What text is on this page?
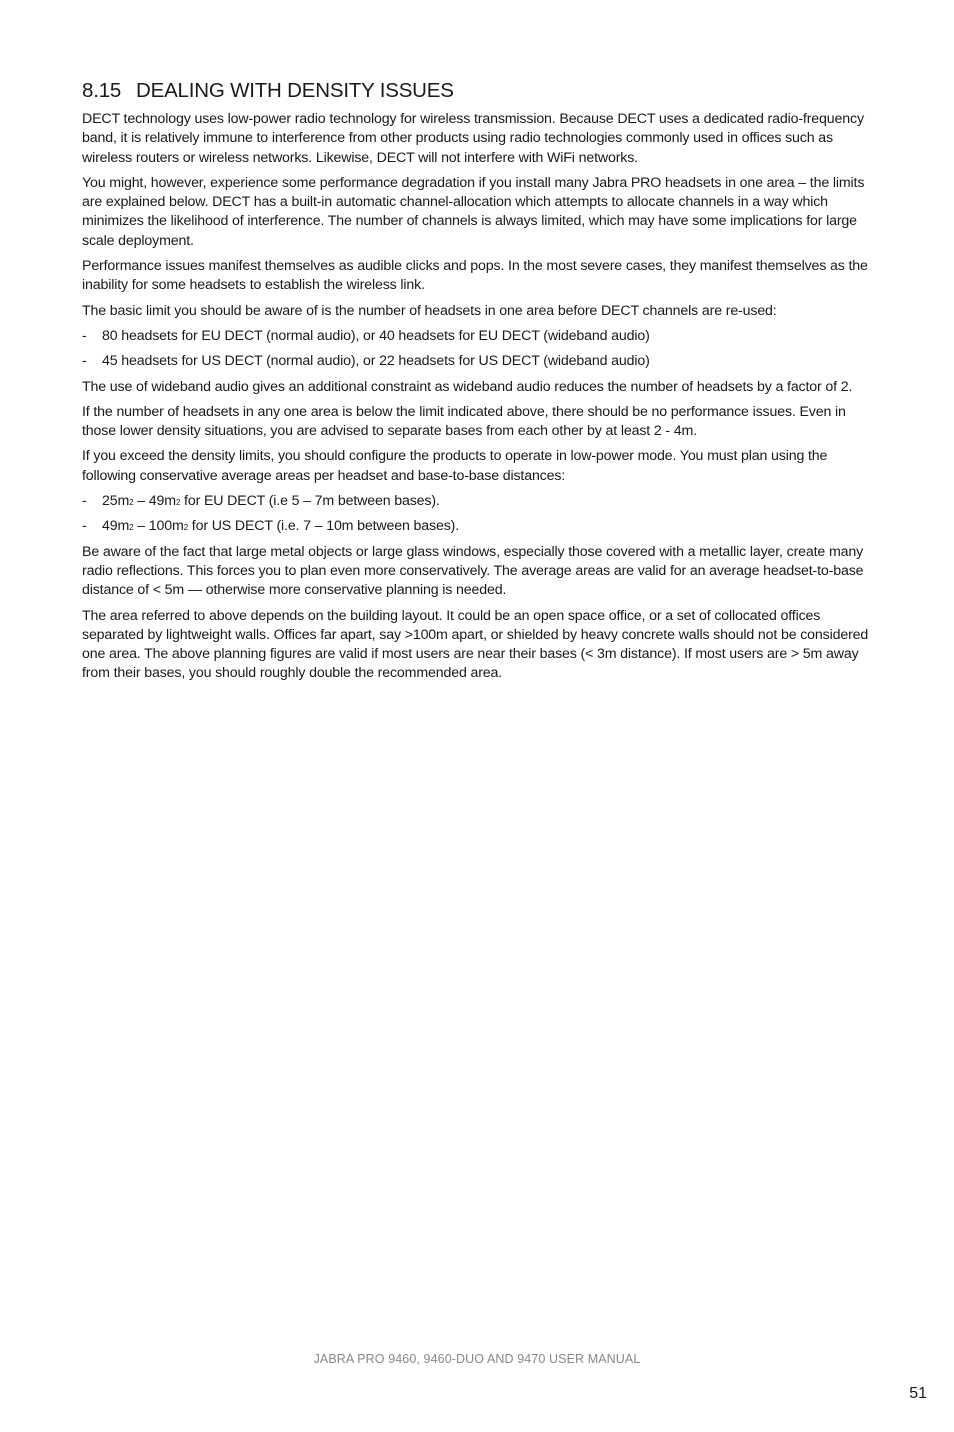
8.15 DEALING WITH DENSITY ISSUES

DECT technology uses low-power radio technology for wireless transmission. Because DECT uses a dedicated radio-frequency band, it is relatively immune to interference from other products using radio technologies commonly used in offices such as wireless routers or wireless networks. Likewise, DECT will not interfere with WiFi networks.

You might, however, experience some performance degradation if you install many Jabra PRO headsets in one area – the limits are explained below. DECT has a built-in automatic channel-allocation which attempts to allocate channels in a way which minimizes the likelihood of interference. The number of channels is always limited, which may have some implications for large scale deployment.

Performance issues manifest themselves as audible clicks and pops. In the most severe cases, they manifest themselves as the inability for some headsets to establish the wireless link.

The basic limit you should be aware of is the number of headsets in one area before DECT channels are re-used:

-	80 headsets for EU DECT (normal audio), or 40 headsets for EU DECT (wideband audio)
-	45 headsets for US DECT (normal audio), or 22 headsets for US DECT (wideband audio)

The use of wideband audio gives an additional constraint as wideband audio reduces the number of headsets by a factor of 2.

If the number of headsets in any one area is below the limit indicated above, there should be no performance issues. Even in those lower density situations, you are advised to separate bases from each other by at least 2 - 4m.

If you exceed the density limits, you should configure the products to operate in low-power mode. You must plan using the following conservative average areas per headset and base-to-base distances:

-	$25m^2 - 49m^2$ for EU DECT (i.e 5 – 7m between bases).
-	$49m^2 - 100m^2$ for US DECT (i.e. 7 – 10m between bases).

Be aware of the fact that large metal objects or large glass windows, especially those covered with a metallic layer, create many radio reflections. This forces you to plan even more conservatively. The average areas are valid for an average headset-to-base distance of < 5m — otherwise more conservative planning is needed.

The area referred to above depends on the building layout. It could be an open space office, or a set of collocated offices separated by lightweight walls. Offices far apart, say >100m apart, or shielded by heavy concrete walls should not be considered one area. The above planning figures are valid if most users are near their bases (< 3m distance). If most users are > 5m away from their bases, you should roughly double the recommended area.

JABRA PRO 9460, 9460-DUO AND 9470 USER MANUAL
51
